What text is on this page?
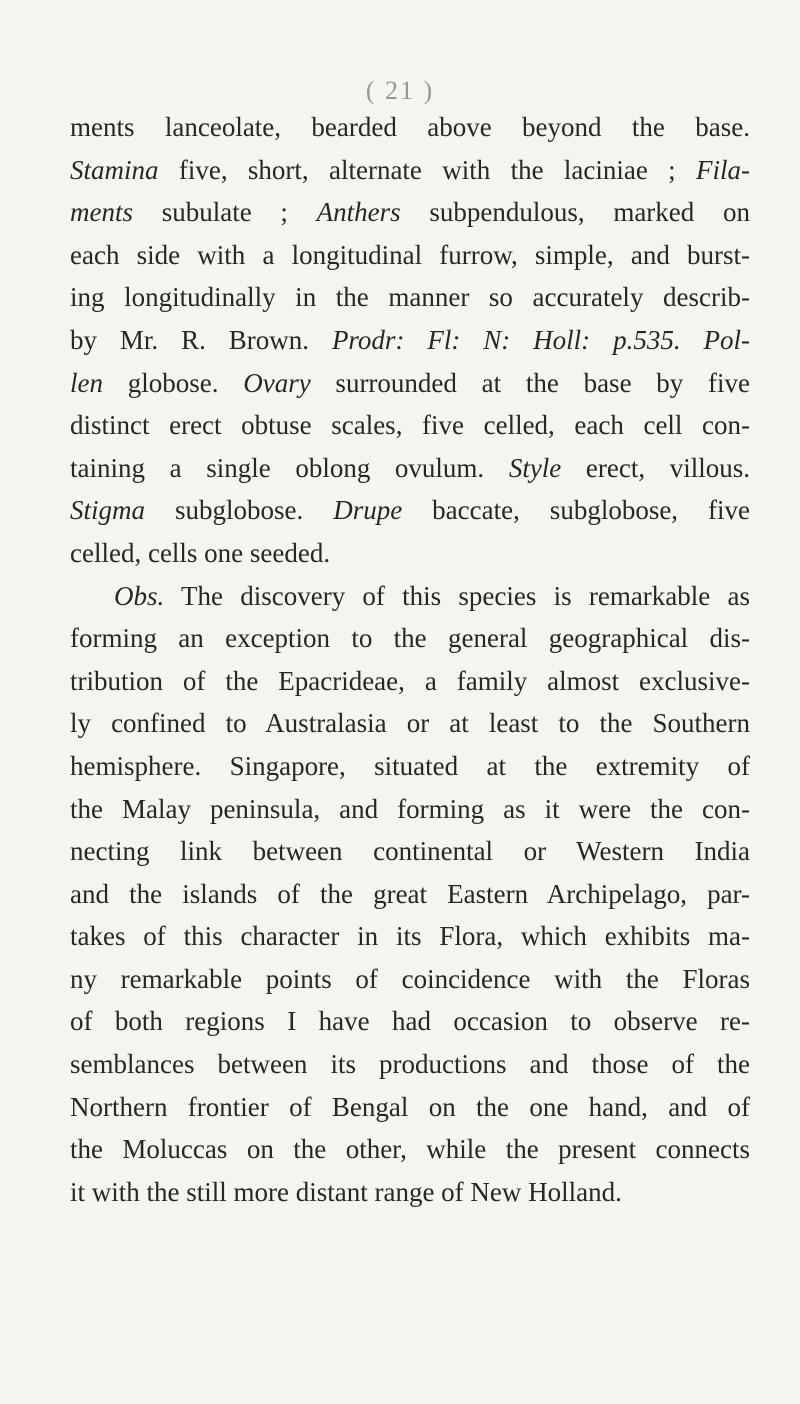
( 21 )
ments lanceolate, bearded above beyond the base.
Stamina five, short, alternate with the laciniae ; Fila-
ments subulate ; Anthers subpendulous, marked on
each side with a longitudinal furrow, simple, and burst-
ing longitudinally in the manner so accurately describ-
by Mr. R. Brown. Prodr: Fl: N: Holl: p.535. Pol-
len globose. Ovary surrounded at the base by five
distinct erect obtuse scales, five celled, each cell con-
taining a single oblong ovulum. Style erect, villous.
Stigma subglobose. Drupe baccate, subglobose, five
celled, cells one seeded.
Obs. The discovery of this species is remarkable as
forming an exception to the general geographical dis-
tribution of the Epacrideae, a family almost exclusive-
ly confined to Australasia or at least to the Southern
hemisphere. Singapore, situated at the extremity of
the Malay peninsula, and forming as it were the con-
necting link between continental or Western India
and the islands of the great Eastern Archipelago, par-
takes of this character in its Flora, which exhibits ma-
ny remarkable points of coincidence with the Floras
of both regions I have had occasion to observe re-
semblances between its productions and those of the
Northern frontier of Bengal on the one hand, and of
the Moluccas on the other, while the present connects
it with the still more distant range of New Holland.
